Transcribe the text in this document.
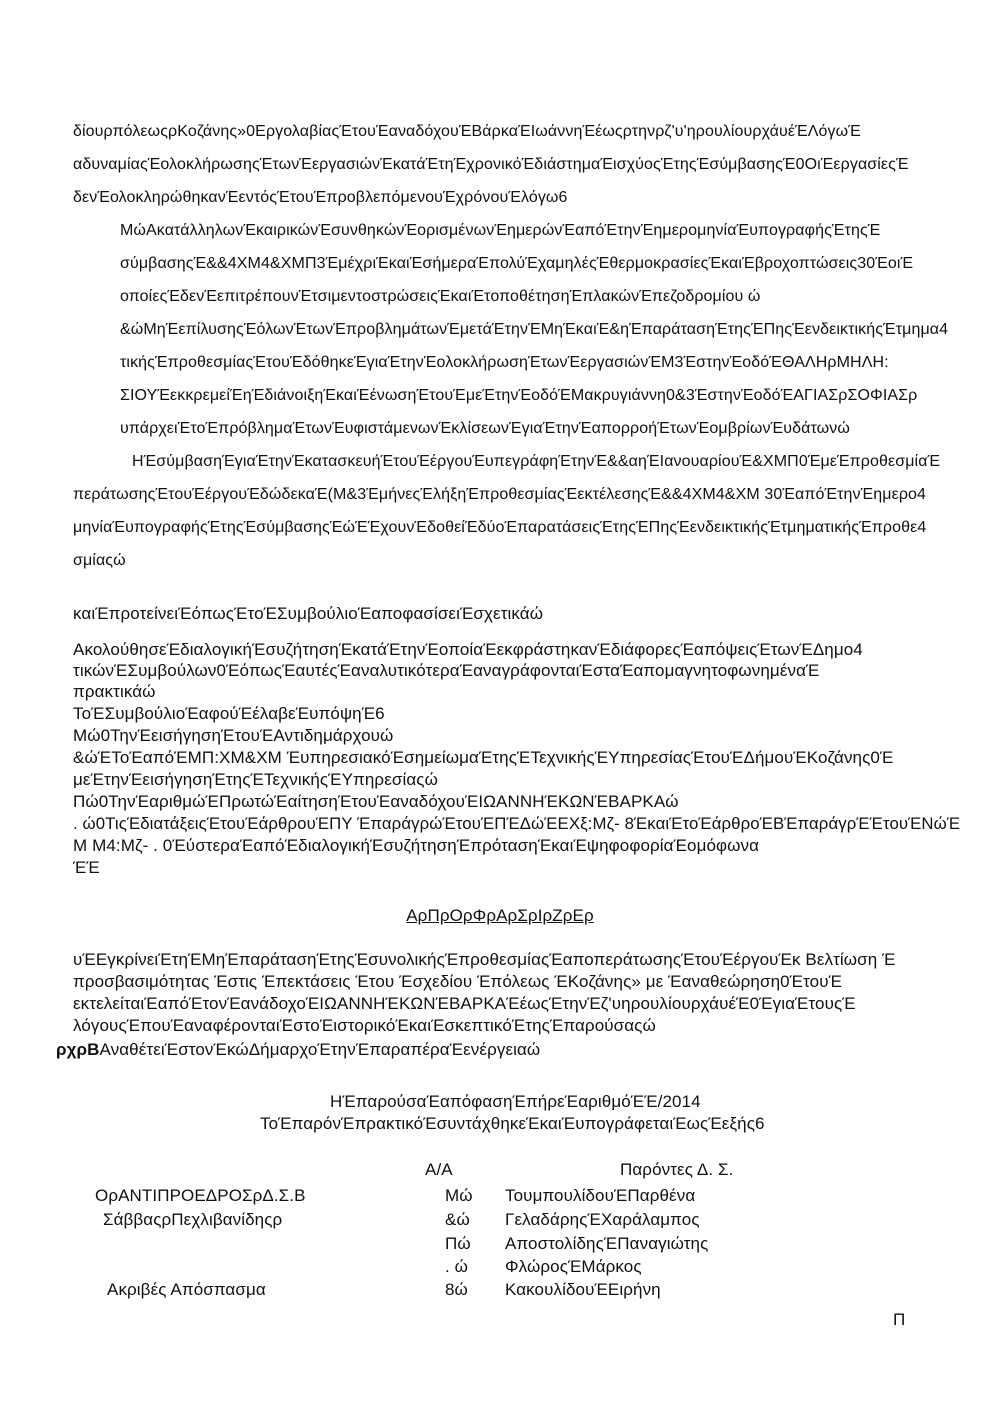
δίουρπόλεωςρΚοζάνης»0ΕργολαβίαςΈτουΈαναδόχουΈΒάρκαΈΙωάννηΈέωςρτηνρζ'υ'ηρουλίουρχάυέΈΛόγωΈ
αδυναμίαςΈολοκλήρωσηςΈτωνΈεργασιώνΈκατάΈτηΈχρονικόΈδιάστημαΈισχύοςΈτηςΈσύμβασηςΈ0ΟιΈεργασίεςΈ
δενΈολοκληρώθηκανΈεντόςΈτουΈπροβλεπόμενουΈχρόνουΈλόγω6
ΜώΑκατάλληλωνΈκαιρικώνΈσυνθηκώνΈορισμένωνΈημερώνΈαπόΈτηνΈημερομηνίαΈυπογραφήςΈτηςΈ
σύμβασηςΈ&&4ΧΜ4&ΧΜΠ3ΈμέχριΈκαιΈσήμεραΈπολύΈχαμηλέςΈθερμοκρασίεςΈκαιΈβροχοπτώσεις30ΈοιΈ
οποίεςΈδενΈεπιτρέπουνΈτσιμεντοστρώσειςΈκαιΈτοποθέτησηΈπλακώνΈπεζοδρομίου ώ
&ώΜηΈεπίλυσηςΈόλωνΈτωνΈπροβλημάτωνΈμετάΈτηνΈΜηΈκαιΈ&ηΈπαράτασηΈτηςΈΠηςΈενδεικτικήςΈτμημα4
τικήςΈπροθεσμίαςΈτουΈδόθηκεΈγιαΈτηνΈολοκλήρωσηΈτωνΈεργασιώνΈΜ3ΈστηνΈοδόΈΘΑΛΗρΜΗΛΗ:
ΣΙΟΥΈεκκρεμείΈηΈδιάνοιξηΈκαιΈένωσηΈτουΈμεΈτηνΈοδόΈΜακρυγιάννη0&3ΈστηνΈοδόΈΑΓΙΑΣρΣΟΦΙΑΣρ
υπάρχειΈτοΈπρόβλημαΈτωνΈυφιστάμενωνΈκλίσεωνΈγιαΈτηνΈαπορροήΈτωνΈομβρίωνΈυδάτωνώ
ΗΈσύμβασηΈγιαΈτηνΈκατασκευήΈτουΈέργουΈυπεγράφηΈτηνΈ&&αηΈΙανουαρίουΈ&ΧΜΠ0ΈμεΈπροθεσμίαΈ
περάτωσηςΈτουΈέργουΈδώδεκαΈ(Μ&3ΈμήνεςΈλήξηΈπροθεσμίαςΈεκτέλεσηςΈ&&4ΧΜ4&ΧΜ 30ΈαπόΈτηνΈημερο4
μηνίαΈυπογραφήςΈτηςΈσύμβασηςΈώΈΈχουνΈδοθείΈδύοΈπαρατάσειςΈτηςΈΠηςΈενδεικτικήςΈτμηματικήςΈπροθε4
σμίαςώ
καιΈπροτείνειΈόπωςΈτοΈΣυμβούλιοΈαποφασίσειΈσχετικάώ
ΑκολούθησεΈδιαλογικήΈσυζήτησηΈκατάΈτηνΈοποίαΈεκφράστηκανΈδιάφορεςΈαπόψειςΈτωνΈΔημο4
τικώνΈΣυμβούλων0ΈόπωςΈαυτέςΈαναλυτικότεραΈαναγράφονταιΈσταΈαπομαγνητοφωνημέναΈ
πρακτικάώ
ΤοΈΣυμβούλιοΈαφούΈέλαβεΈυπόψηΈ6
Μώ0ΤηνΈεισήγησηΈτουΈΑντιδημάρχουώ
&ώΈΤοΈαπόΈΜΠ:ΧΜ&ΧΜ ΈυπηρεσιακόΈσημείωμαΈτηςΈΤεχνικήςΈΥπηρεσίαςΈτουΈΔήμουΈΚοζάνης0Έ
μεΈτηνΈεισήγησηΈτηςΈΤεχνικήςΈΥπηρεσίαςώ
Πώ0ΤηνΈαριθμώΈΠρωτώΈαίτησηΈτουΈαναδόχουΈΙΩΑΝΝΗΈΚΩΝΈΒΑΡΚΑώ
. ώ0ΤιςΈδιατάξειςΈτουΈάρθρουΈΠΥ ΈπαράγρώΈτουΈΠΈΔώΈΕΧξ:Μζ- 8ΈκαιΈτοΈάρθροΈΒΈπαράγρΈΈτουΈΝώΈ
Μ Μ4:Μζ- . 0ΈύστεραΈαπόΈδιαλογικήΈσυζήτησηΈπρότασηΈκαιΈψηφοφορίαΈομόφωνα
ΈΈ
ΑρΠρΟρΦρΑρΣρΙρΖρΕρ
υΈΕγκρίνειΈτηΈΜηΈπαράτασηΈτηςΈσυνολικήςΈπροθεσμίαςΈαποπεράτωσηςΈτουΈέργουΈκ Βελτίωση Έ
προσβασιμότητας Έστις Έπεκτάσεις Έτου Έσχεδίου Έπόλεως ΈΚοζάνης» με Έαναθεώρηση0ΈτουΈ
εκτελείταιΈαπόΈτονΈανάδοχοΈΙΩΑΝΝΗΈΚΩΝΈΒΑΡΚΑΈέωςΈτηνΈζ'υηρουλίουρχάυέΈ0ΈγιαΈτουςΈ
λόγουςΈπουΈαναφέρονταιΈστοΈιστορικόΈκαιΈσκεπτικόΈτηςΈπαρούσαςώ
ρχρΒΑναθέτειΈστονΈκώΔήμαρχοΈτηνΈπαραπέραΈενέργειαώ
ΗΈπαρούσαΈαπόφασηΈπήρεΈαριθμόΈΈ/2014
ΤοΈπαρόνΈπρακτικόΈσυντάχθηκεΈκαιΈυπογράφεταιΈωςΈεξής6
Α/Α	Παρόντες Δ. Σ.
ΟρΑΝΤΙΠΡΟΕΔΡΟΣρΔ.Σ.Β
ΣάββαςρΠεχλιβανίδηςρ
Ακριβές Απόσπασμα
Μώ ΤουμπουλίδουΈΠαρθένα
&ώ ΓελαδάρηςΈΧαράλαμπος
Πώ ΑποστολίδηςΈΠαναγιώτης
. ώ ΦλώροςΈΜάρκος
8ώ ΚακουλίδουΈΕιρήνη
Π
